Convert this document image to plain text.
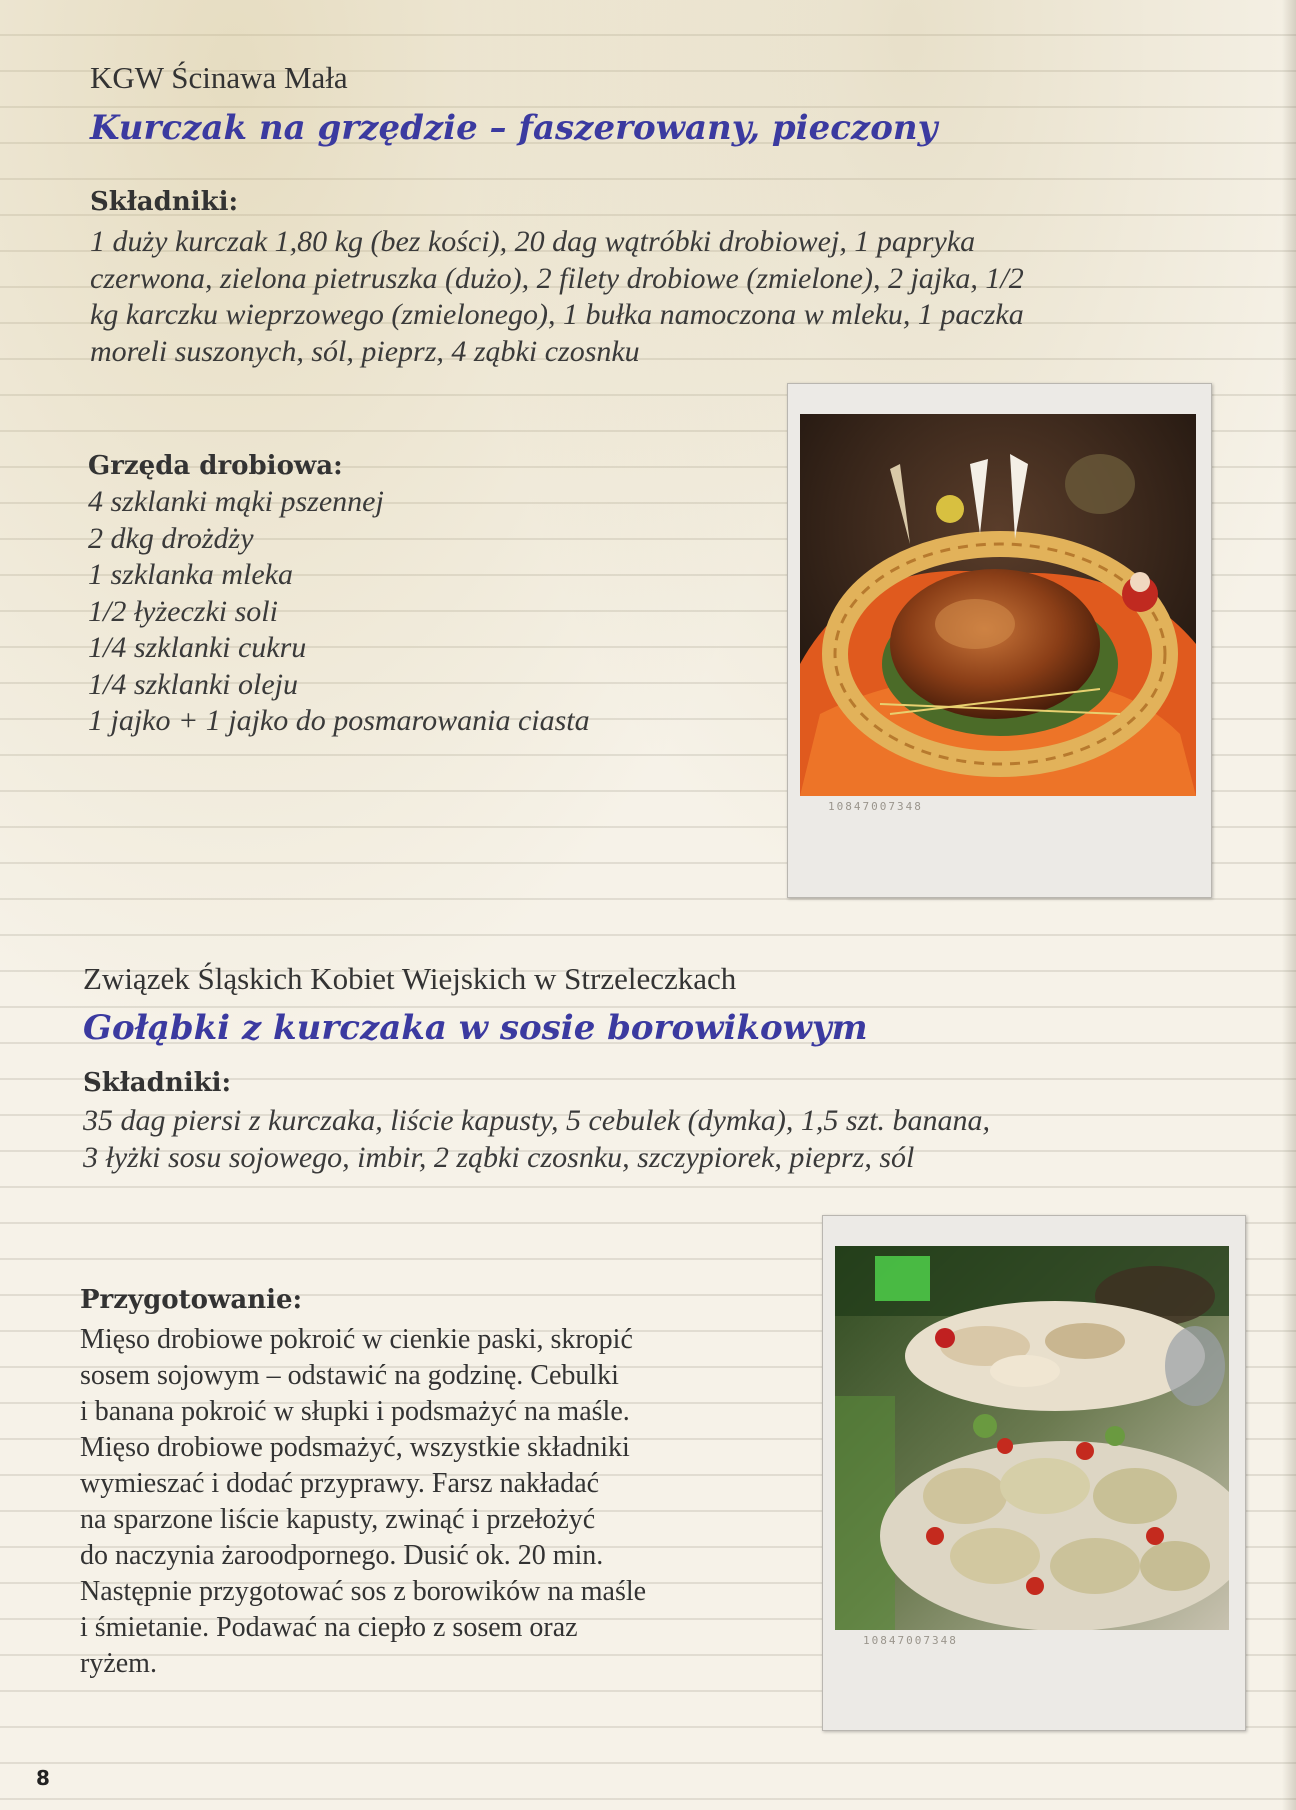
KGW Ścinawa Mała
Kurczak na grzędzie – faszerowany, pieczony
Składniki:
1 duży kurczak 1,80 kg (bez kości), 20 dag wątróbki drobiowej, 1 papryka
czerwona, zielona pietruszka (dużo), 2 filety drobiowe (zmielone), 2 jajka, 1/2
kg karczku wieprzowego (zmielonego), 1 bułka namoczona w mleku, 1 paczka
moreli suszonych, sól, pieprz, 4 ząbki czosnku
Grzęda drobiowa:
4 szklanki mąki pszennej
2 dkg drożdży
1 szklanka mleka
1/2 łyżeczki soli
1/4 szklanki cukru
1/4 szklanki oleju
1 jajko + 1 jajko do posmarowania ciasta
10847007348
Związek Śląskich Kobiet Wiejskich w Strzeleczkach
Gołąbki z kurczaka w sosie borowikowym
Składniki:
35 dag piersi z kurczaka, liście kapusty, 5 cebulek (dymka), 1,5 szt. banana,
3 łyżki sosu sojowego, imbir, 2 ząbki czosnku, szczypiorek, pieprz, sól
Przygotowanie:
Mięso drobiowe pokroić w cienkie paski, skropić
sosem sojowym – odstawić na godzinę. Cebulki
i banana pokroić w słupki i podsmażyć na maśle.
Mięso drobiowe podsmażyć, wszystkie składniki
wymieszać i dodać przyprawy. Farsz nakładać
na sparzone liście kapusty, zwinąć i przełożyć
do naczynia żaroodpornego. Dusić ok. 20 min.
Następnie przygotować sos z borowików na maśle
i śmietanie. Podawać na ciepło z sosem oraz
ryżem.
10847007348
8
